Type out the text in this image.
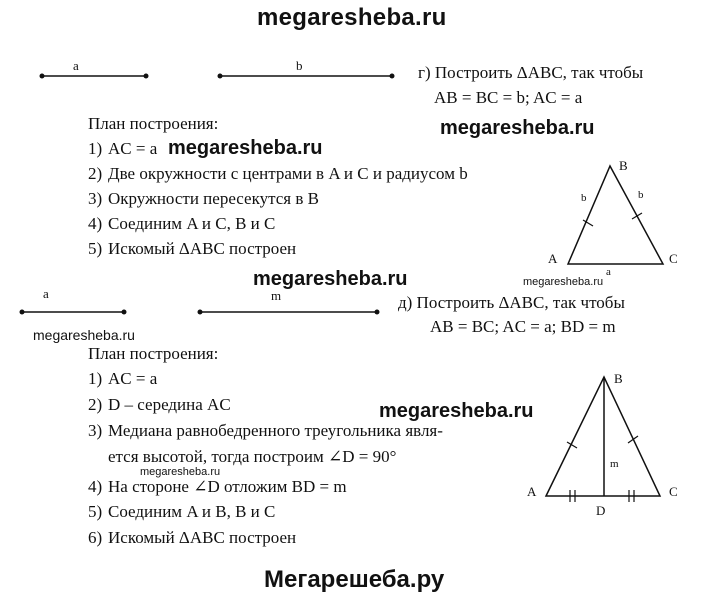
megaresheba.ru
a	b	г) Построить ΔABC, так чтобы
AB = BC = b; AC = a
megaresheba.ru
План построения:
1) AC = a megaresheba.ru
2) Две окружности с центрами в A и C и радиусом b
3) Окружности пересекутся в B
4) Соединим A и C, B и C
5) Искомый ΔABC построен
B
A	C
b	b
a
megaresheba.ru
megaresheba.ru
a	m	д) Построить ΔABC, так чтобы
AB = BC; AC = a; BD = m
megaresheba.ru
План построения:
1) AC = a
2) D – середина AC
3) Медиана равнобедренного треугольника явля-
ется высотой, тогда построим ∠D = 90°
megaresheba.ru
4) На стороне ∠D отложим BD = m
5) Соединим A и B, B и C
6) Искомый ΔABC построен
megaresheba.ru
B
A	C
D
m
Мегарешеба.ру
